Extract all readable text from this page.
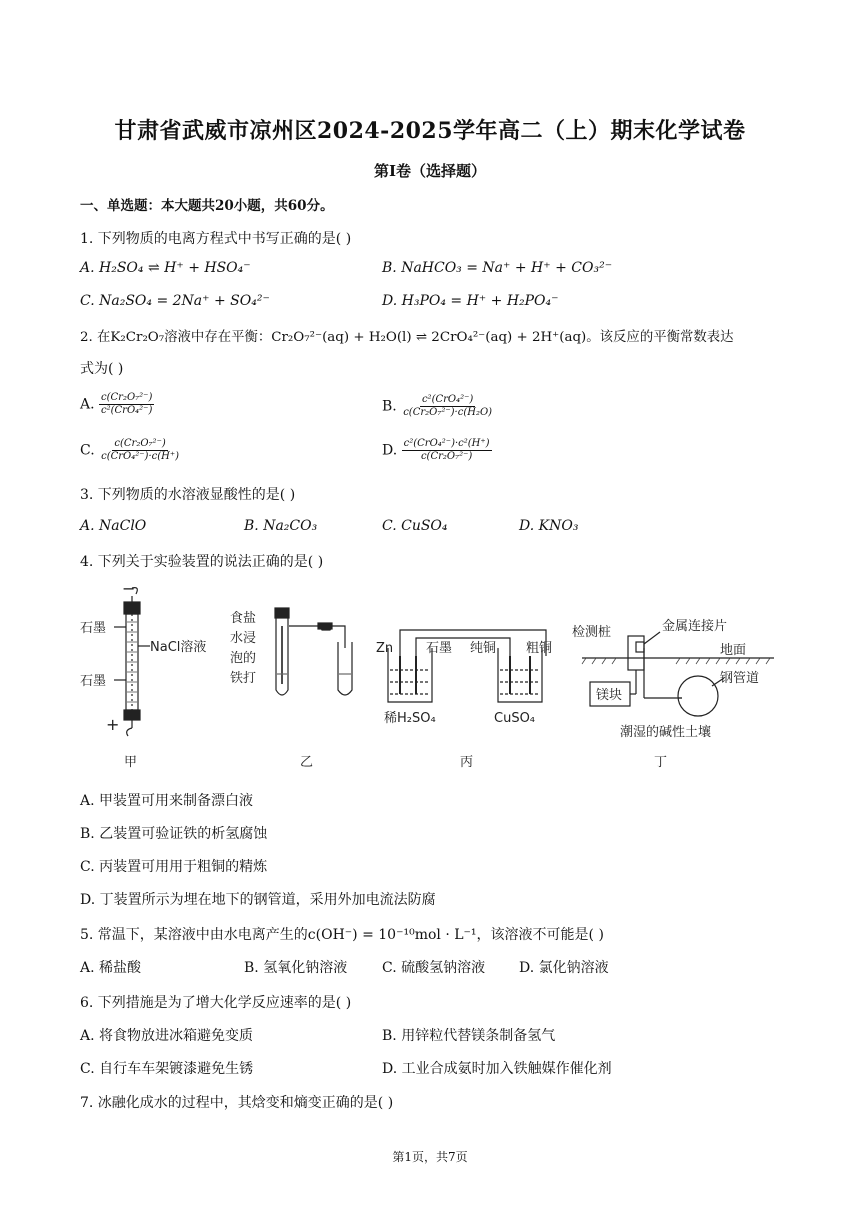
甘肃省武威市凉州区2024-2025学年高二（上）期末化学试卷
第I卷（选择题）
一、单选题：本大题共20小题，共60分。
1. 下列物质的电离方程式中书写正确的是( )
A. H₂SO₄ ⇌ H⁺ + HSO₄⁻	B. NaHCO₃ = Na⁺ + H⁺ + CO₃²⁻
C. Na₂SO₄ = 2Na⁺ + SO₄²⁻	D. H₃PO₄ = H⁺ + H₂PO₄⁻
2. 在K₂Cr₂O₇溶液中存在平衡：Cr₂O₇²⁻(aq) + H₂O(l) ⇌ 2CrO₄²⁻(aq) + 2H⁺(aq)。该反应的平衡常数表达
式为( )
A. $\frac{\text{c(Cr₂O₇²⁻)}}{\text{c²(CrO₄²⁻)}}$	B. $\frac{\text{c²(CrO₄²⁻)}}{\text{c(Cr₂O₇²⁻)·c(H₂O)}}$
C. $\frac{\text{c(Cr₂O₇²⁻)}}{\text{c(CrO₄²⁻)·c(H⁺)}}$	D. $\frac{\text{c²(CrO₄²⁻)·c²(H⁺)}}{\text{c(Cr₂O₇²⁻)}}$
3. 下列物质的水溶液显酸性的是( )
A. NaClO	B. Na₂CO₃	C. CuSO₄	D. KNO₃
4. 下列关于实验装置的说法正确的是( )
−
+
石墨
石墨
NaCl溶液
甲
食盐
水浸
泡的
铁打
乙
Zn	石墨 纯铜 粗铜
稀H₂SO₄	CuSO₄
丙
检测桩	金属连接片
地面
镁块
钢管道
潮湿的碱性土壤
丁
A. 甲装置可用来制备漂白液
B. 乙装置可验证铁的析氢腐蚀
C. 丙装置可用用于粗铜的精炼
D. 丁装置所示为埋在地下的钢管道，采用外加电流法防腐
5. 常温下，某溶液中由水电离产生的c(OH⁻) = 10⁻¹⁰mol · L⁻¹，该溶液不可能是( )
A. 稀盐酸	B. 氢氧化钠溶液 C. 硫酸氢钠溶液 D. 氯化钠溶液
6. 下列措施是为了增大化学反应速率的是( )
A. 将食物放进冰箱避免变质	B. 用锌粒代替镁条制备氢气
C. 自行车车架镀漆避免生锈	D. 工业合成氨时加入铁触媒作催化剂
7. 冰融化成水的过程中，其焓变和熵变正确的是( )
第1页，共7页
